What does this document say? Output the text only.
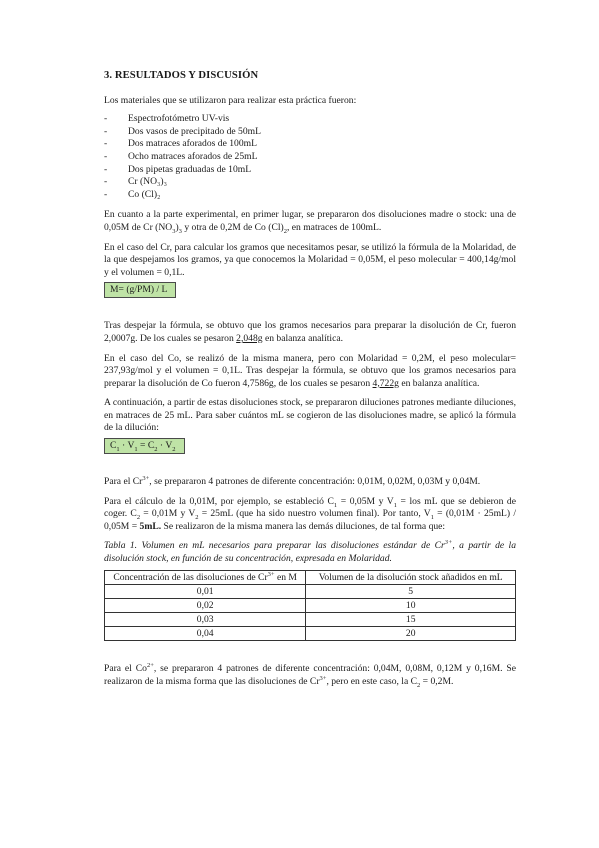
3. RESULTADOS Y DISCUSIÓN

Los materiales que se utilizaron para realizar esta práctica fueron:

- Espectrofotómetro UV-vis
- Dos vasos de precipitado de 50mL
- Dos matraces aforados de 100mL
- Ocho matraces aforados de 25mL
- Dos pipetas graduadas de 10mL
- Cr (NO₃)₃
- Co (Cl)₂

En cuanto a la parte experimental, en primer lugar, se prepararon dos disoluciones madre o stock: una de 0,05M de Cr $(NO_3)_3$ y otra de 0,2M de Co $(Cl)_2$, en matraces de 100mL.

En el caso del Cr, para calcular los gramos que necesitamos pesar, se utilizó la fórmula de la Molaridad, de la que despejamos los gramos, ya que conocemos la Molaridad = 0,05M, el peso molecular = 400,14g/mol y el volumen = 0,1L.

M= (g/PM) / L

Tras despejar la fórmula, se obtuvo que los gramos necesarios para preparar la disolución de Cr, fueron 2,0007g. De los cuales se pesaron 2,048g en balanza analítica.

En el caso del Co, se realizó de la misma manera, pero con Molaridad = 0,2M, el peso molecular= 237,93g/mol y el volumen = 0,1L. Tras despejar la fórmula, se obtuvo que los gramos necesarios para preparar la disolución de Co fueron 4,7586g, de los cuales se pesaron 4,722g en balanza analítica.

A continuación, a partir de estas disoluciones stock, se prepararon diluciones patrones mediante diluciones, en matraces de 25 mL. Para saber cuántos mL se cogieron de las disoluciones madre, se aplicó la fórmula de la dilución:

$C_1 \cdot V_1 = C_2 \cdot V_2$

Para el $Cr^{3+}$, se prepararon 4 patrones de diferente concentración: 0,01M, 0,02M, 0,03M y 0,04M.

Para el cálculo de la 0,01M, por ejemplo, se estableció $C_1 = 0,05M$ y $V_1$ = los mL que se debieron de coger. $C_2 = 0,01M$ y $V_2 = 25mL$ (que ha sido nuestro volumen final). Por tanto, $V_1 = (0,01M \cdot 25mL) / 0,05M = 5mL$. Se realizaron de la misma manera las demás diluciones, de tal forma que:

Tabla 1. Volumen en mL necesarios para preparar las disoluciones estándar de $Cr^{3+}$, a partir de la disolución stock, en función de su concentración, expresada en Molaridad.

Concentración de las disoluciones de $Cr^{3+}$ en M	Volumen de la disolución stock añadidos en mL
0,01	5
0,02	10
0,03	15
0,04	20

Para el $Co^{2+}$, se prepararon 4 patrones de diferente concentración: 0,04M, 0,08M, 0,12M y 0,16M. Se realizaron de la misma forma que las disoluciones de $Cr^{3+}$, pero en este caso, la $C_2 = 0,2M$.
